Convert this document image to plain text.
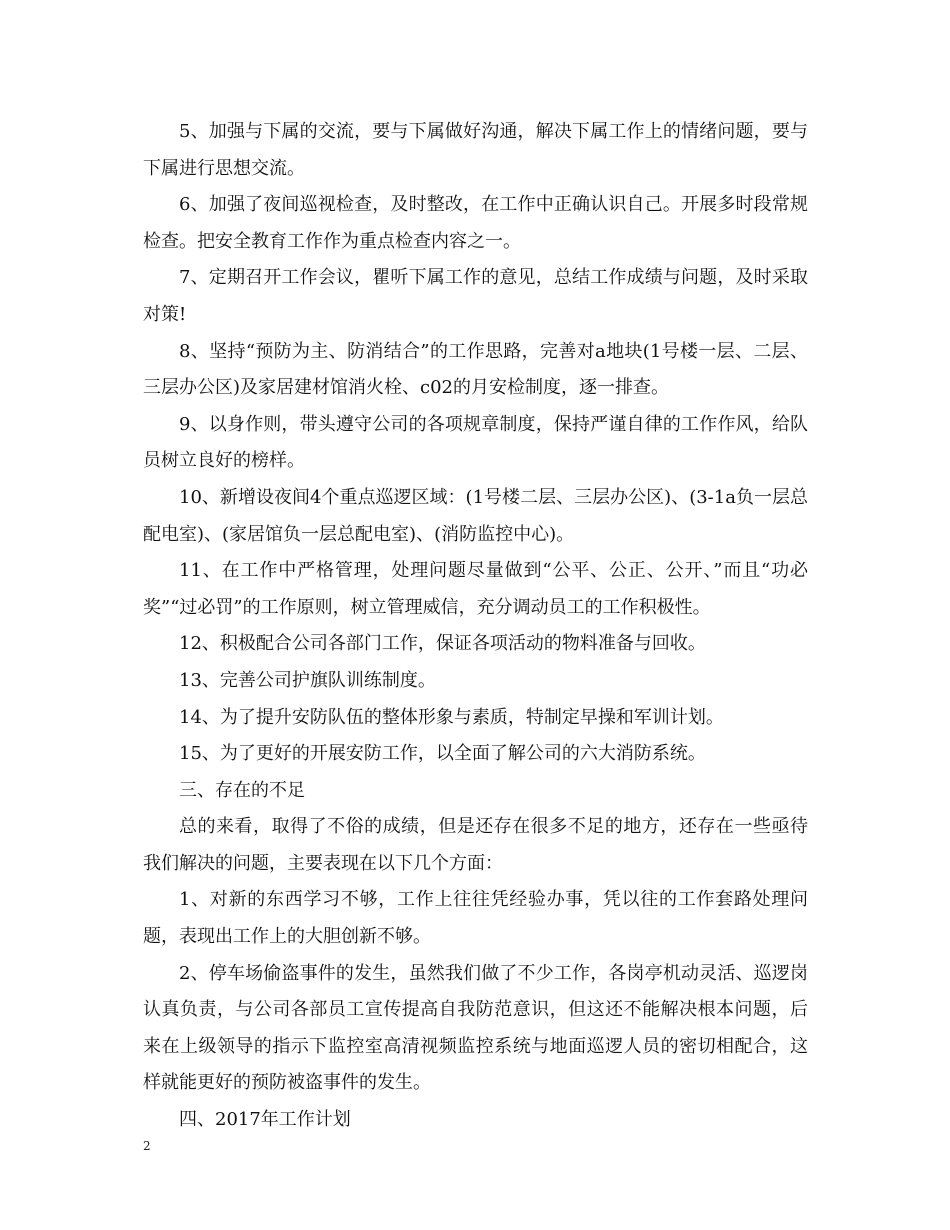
5、加强与下属的交流，要与下属做好沟通，解决下属工作上的情绪问题，要与下属进行思想交流。

6、加强了夜间巡视检查，及时整改，在工作中正确认识自己。开展多时段常规检查。把安全教育工作作为重点检查内容之一。

7、定期召开工作会议，瞿听下属工作的意见，总结工作成绩与问题，及时采取对策!

8、坚持“预防为主、防消结合”的工作思路，完善对a地块(1号楼一层、二层、三层办公区)及家居建材馆消火栓、c02的月安检制度，逐一排查。

9、以身作则，带头遵守公司的各项规章制度，保持严谨自律的工作作风，给队员树立良好的榜样。

10、新增设夜间4个重点巡逻区域：(1号楼二层、三层办公区)、(3-1a负一层总配电室)、(家居馆负一层总配电室)、(消防监控中心)。

11、在工作中严格管理，处理问题尽量做到“公平、公正、公开、”而且“功必奖”“过必罚”的工作原则，树立管理威信，充分调动员工的工作积极性。

12、积极配合公司各部门工作，保证各项活动的物料准备与回收。

13、完善公司护旗队训练制度。

14、为了提升安防队伍的整体形象与素质，特制定早操和军训计划。

15、为了更好的开展安防工作，以全面了解公司的六大消防系统。

三、存在的不足

总的来看，取得了不俗的成绩，但是还存在很多不足的地方，还存在一些亟待我们解决的问题，主要表现在以下几个方面：

1、对新的东西学习不够，工作上往往凭经验办事，凭以往的工作套路处理问题，表现出工作上的大胆创新不够。

2、停车场偷盗事件的发生，虽然我们做了不少工作，各岗亭机动灵活、巡逻岗认真负责，与公司各部员工宣传提高自我防范意识，但这还不能解决根本问题，后来在上级领导的指示下监控室高清视频监控系统与地面巡逻人员的密切相配合，这样就能更好的预防被盗事件的发生。

四、2017年工作计划

2
